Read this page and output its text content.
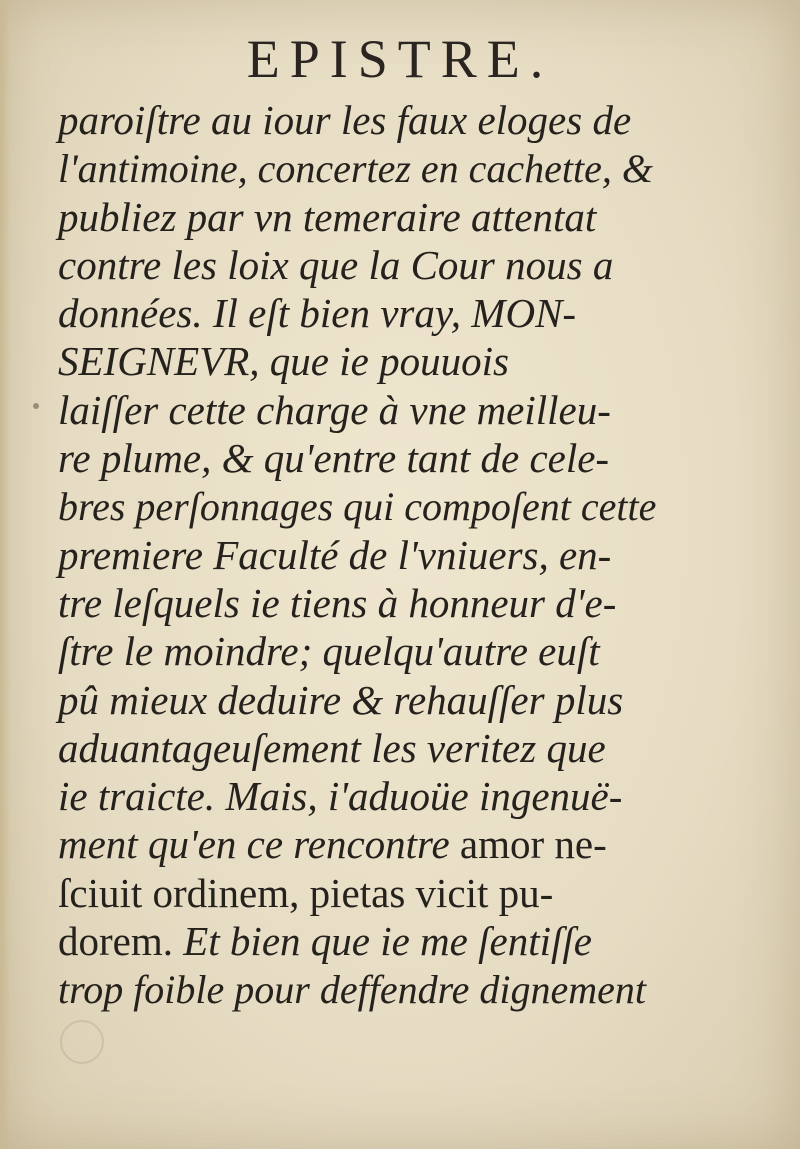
EPISTRE.
paroiſtre au iour les faux eloges de
l'antimoine, concertez en cachette, &
publiez par vn temeraire attentat
contre les loix que la Cour nous a
données. Il eſt bien vray, MON-
SEIGNEVR, que ie pouuois
laiſſer cette charge à vne meilleu-
re plume, & qu'entre tant de cele-
bres perſonnages qui compoſent cette
premiere Faculté de l'vniuers, en-
tre leſquels ie tiens à honneur d'e-
ſtre le moindre; quelqu'autre euſt
pû mieux deduire & rehauſſer plus
aduantageuſement les veritez que
ie traicte. Mais, i'aduoüe ingenuë-
ment qu'en ce rencontre amor ne-
ſciuit ordinem, pietas vicit pu-
dorem. Et bien que ie me ſentiſſe
trop foible pour deffendre dignement
